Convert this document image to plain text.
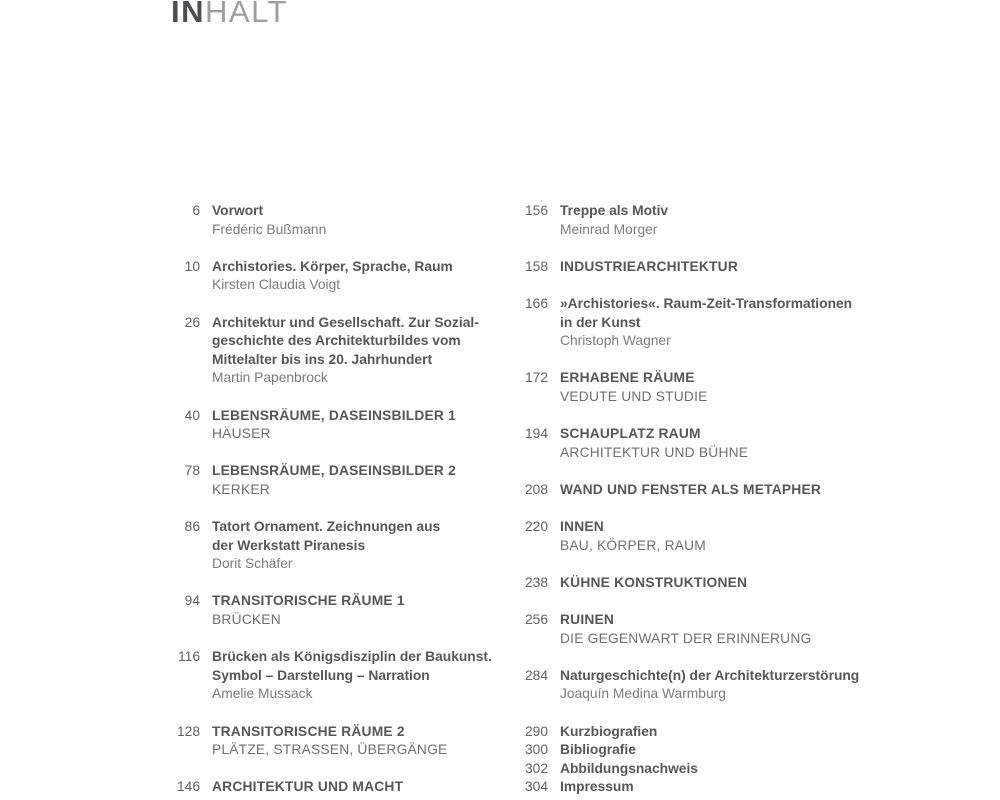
INHALT
6 Vorwort
Frédéric Bußmann
10 Archistories. Körper, Sprache, Raum
Kirsten Claudia Voigt
26 Architektur und Gesellschaft. Zur Sozial-
geschichte des Architekturbildes vom
Mittelalter bis ins 20. Jahrhundert
Martin Papenbrock
40 LEBENSRÄUME, DASEINSBILDER 1
HÄUSER
78 LEBENSRÄUME, DASEINSBILDER 2
KERKER
86 Tatort Ornament. Zeichnungen aus
der Werkstatt Piranesis
Dorit Schäfer
94 TRANSITORISCHE RÄUME 1
BRÜCKEN
116 Brücken als Königsdisziplin der Baukunst.
Symbol – Darstellung – Narration
Amelie Mussack
128 TRANSITORISCHE RÄUME 2
PLÄTZE, STRASSEN, ÜBERGÄNGE
146 ARCHITEKTUR UND MACHT
156 Treppe als Motiv
Meinrad Morger
158 INDUSTRIEARCHITEKTUR
166 »Archistories«. Raum-Zeit-Transformationen
in der Kunst
Christoph Wagner
172 ERHABENE RÄUME
VEDUTE UND STUDIE
194 SCHAUPLATZ RAUM
ARCHITEKTUR UND BÜHNE
208 WAND UND FENSTER ALS METAPHER
220 INNEN
BAU, KÖRPER, RAUM
238 KÜHNE KONSTRUKTIONEN
256 RUINEN
DIE GEGENWART DER ERINNERUNG
284 Naturgeschichte(n) der Architekturzerstörung
Joaquín Medina Warmburg
290 Kurzbiografien
300 Bibliografie
302 Abbildungsnachweis
304 Impressum
